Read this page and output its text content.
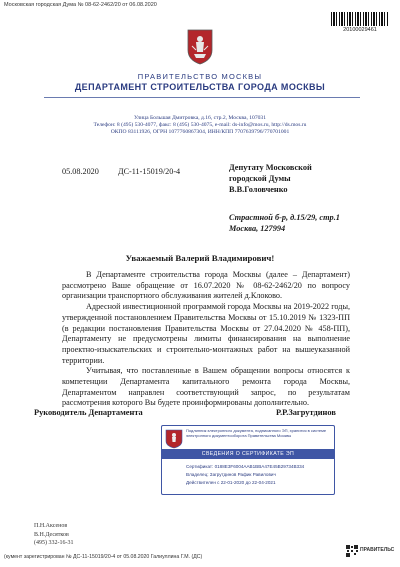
Московская городская Дума № 08-62-2462/20 от 06.08.2020
20100029461
ПРАВИТЕЛЬСТВО МОСКВЫ
ДЕПАРТАМЕНТ СТРОИТЕЛЬСТВА ГОРОДА МОСКВЫ
Улица Большая Дмитровка, д.16, стр.2, Москва, 107031
Телефон: 8 (495) 530-4077, факс: 8 (495) 530-4075, e-mail: ds-info@mos.ru, http://ds.mos.ru
ОКПО 83111926, ОГРН 1077760867304, ИНН/КПП 7707639796/770701001
05.08.2020 ДС-11-15019/20-4	Депутату Московской
городской Думы
В.В.Головченко
Страстной б-р, д.15/29, стр.1
Москва, 127994
Уважаемый Валерий Владимирович!

В Департаменте строительства города Москвы (далее – Департамент) рассмотрено Ваше обращение от 16.07.2020 № 08-62-2462/20 по вопросу организации транспортного обслуживания жителей д.Клоково.

Адресной инвестиционной программой города Москвы на 2019-2022 годы, утвержденной постановлением Правительства Москвы от 15.10.2019 № 1323-ПП (в редакции постановления Правительства Москвы от 27.04.2020 № 458-ПП), Департаменту не предусмотрены лимиты финансирования на выполнение проектно-изыскательских и строительно-монтажных работ на вышеуказанной территории.

Учитывая, что поставленные в Вашем обращении вопросы относятся к компетенции Департамента капитального ремонта города Москвы, Департаментом направлен соответствующий запрос, по результатам рассмотрения которого Вы будете проинформированы дополнительно.

Руководитель Департамента	Р.Р.Загрутдинов
Подлинник электронного документа, подписанного ЭП, хранится в системе электронного документооборота Правительства Москвы
СВЕДЕНИЯ О СЕРТИФИКАТЕ ЭП
Сертификат: 0188E3F6004AAB1BBA47E45B29734B334
Владелец: Загрутдинов Рафик Равилович
Действителен с 22-01-2020 до 22-04-2021
П.Н.Аксенов
В.Н.Десятков
(495) 332-16-31
(кумент зарегистрирован № ДС-11-15019/20-4 от 05.08.2020 Галиуллина Г.М. (ДС)
ПРАВИТЕЛЬС
